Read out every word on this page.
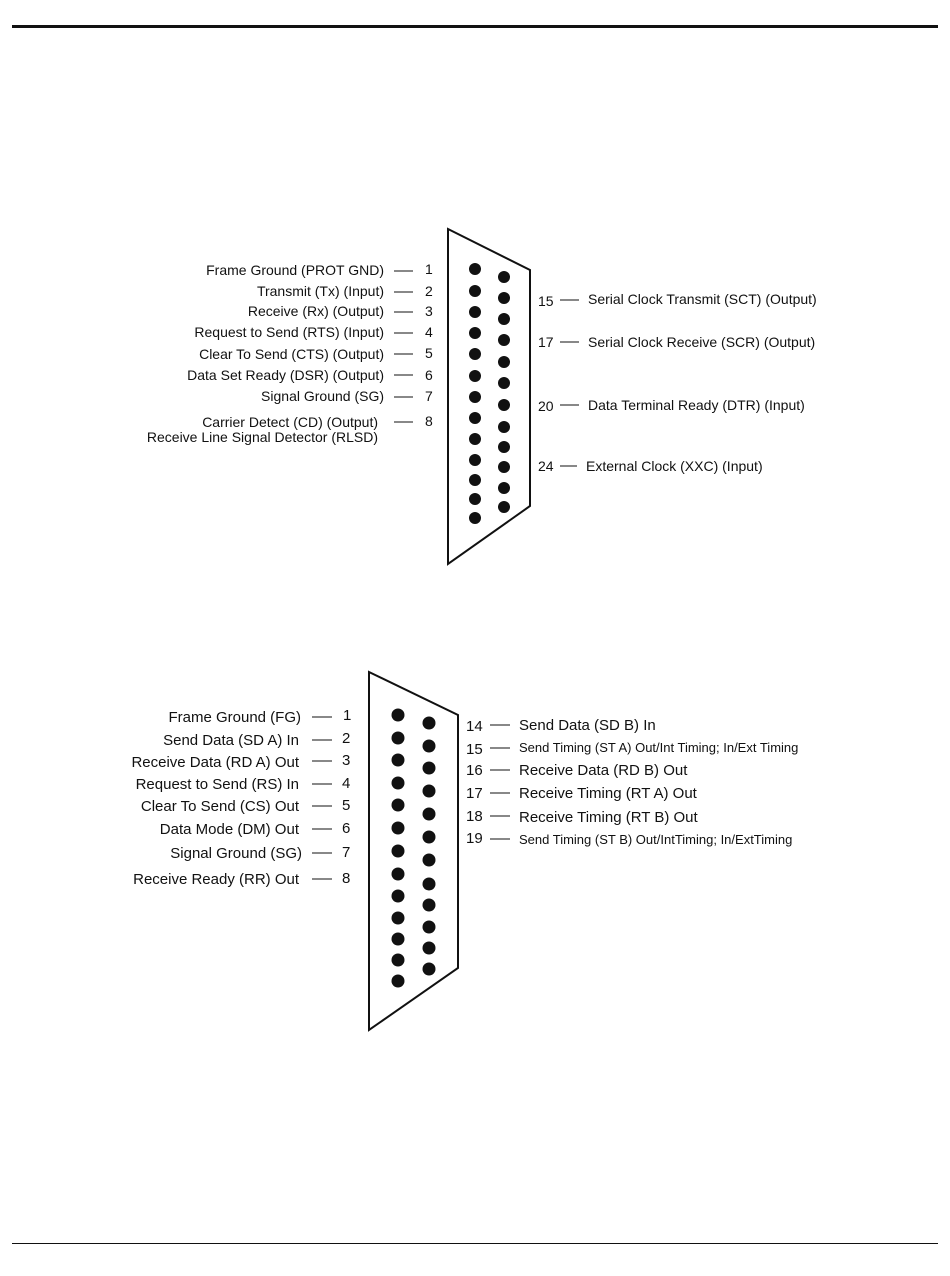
Frame Ground (PROT GND)
Transmit (Tx) (Input)
Receive (Rx) (Output)
Request to Send (RTS) (Input)
Clear To Send (CTS) (Output)
Data Set Ready (DSR) (Output)
Signal Ground (SG)
Carrier Detect (CD) (Output)
Receive Line Signal Detector (RLSD)
1
2
3
4
5
6
7
8
15 Serial Clock Transmit (SCT) (Output)
17 Serial Clock Receive (SCR) (Output)
20 Data Terminal Ready (DTR) (Input)
24 External Clock (XXC) (Input)
Frame Ground (FG)
Send Data (SD A) In
Receive Data (RD A) Out
Request to Send (RS) In
Clear To Send (CS) Out
Data Mode (DM) Out
Signal Ground (SG)
Receive Ready (RR) Out
1
2
3
4
5
6
7
8
14
15
16
17
18
19
Send Data (SD B) In
Send Timing (ST A) Out/Int Timing; In/Ext Timing
Receive Data (RD B) Out
Receive Timing (RT A) Out
Receive Timing (RT B) Out
Send Timing (ST B) Out/IntTiming; In/ExtTiming
